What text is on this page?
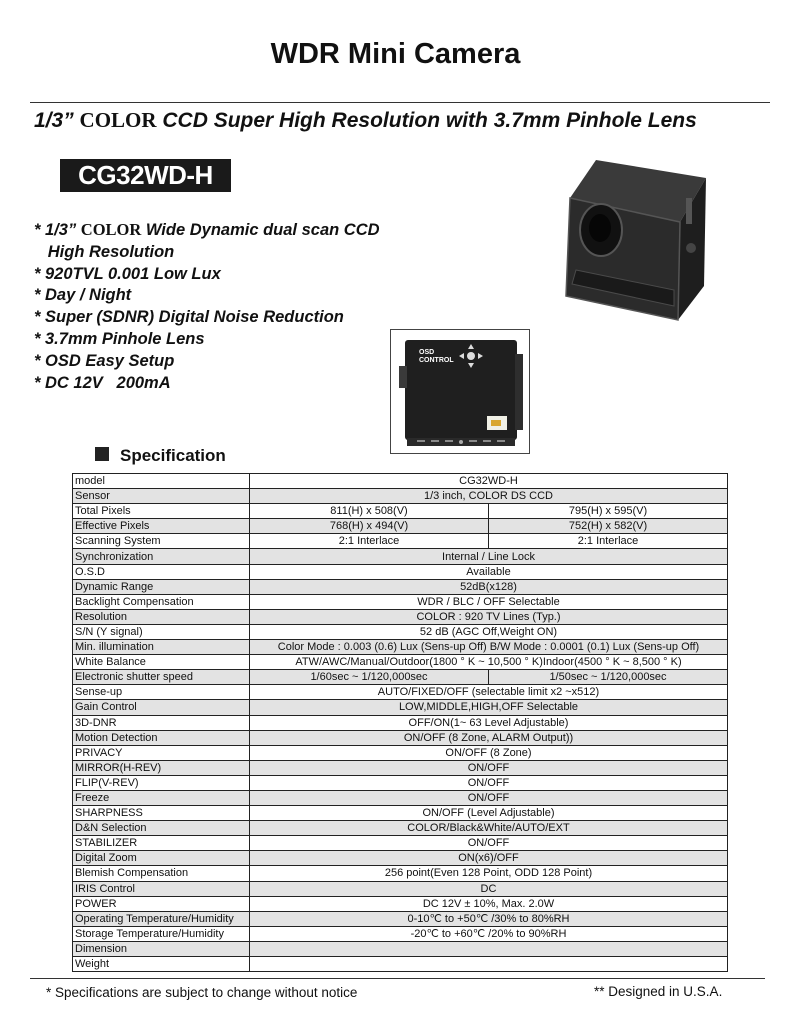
WDR Mini Camera
1/3” COLOR CCD Super High Resolution with 3.7mm Pinhole Lens
CG32WD-H
* 1/3” COLOR Wide Dynamic dual scan CCD
High Resolution
* 920TVL 0.001 Low Lux
* Day / Night
* Super (SDNR) Digital Noise Reduction
* 3.7mm Pinhole Lens
* OSD Easy Setup
* DC 12V   200mA
OSD
CONTROL
Specification
model	CG32WD-H	
Sensor	1/3 inch, COLOR DS CCD	
Total Pixels	811(H) x 508(V)	795(H) x 595(V)
Effective Pixels	768(H) x 494(V)	752(H) x 582(V)
Scanning System	2:1 Interlace	2:1 Interlace
Synchronization	Internal / Line Lock	
O.S.D	Available	
Dynamic Range	52dB(x128)	
Backlight Compensation	WDR / BLC / OFF Selectable	
Resolution	COLOR : 920 TV Lines (Typ.)	
S/N (Y signal)	52 dB (AGC Off,Weight ON)	
Min. illumination	Color Mode : 0.003 (0.6) Lux (Sens-up Off) B/W Mode : 0.0001 (0.1) Lux (Sens-up Off)	
White Balance	ATW/AWC/Manual/Outdoor(1800 ° K ~ 10,500 ° K)Indoor(4500 ° K ~ 8,500 ° K)	
Electronic shutter speed	1/60sec ~ 1/120,000sec	1/50sec ~ 1/120,000sec
Sense-up	AUTO/FIXED/OFF (selectable limit x2 ~x512)	
Gain Control	LOW,MIDDLE,HIGH,OFF Selectable	
3D-DNR	OFF/ON(1~ 63 Level Adjustable)	
Motion Detection	ON/OFF (8 Zone, ALARM Output))	
PRIVACY	ON/OFF (8 Zone)	
MIRROR(H-REV)	ON/OFF	
FLIP(V-REV)	ON/OFF	
Freeze	ON/OFF	
SHARPNESS	ON/OFF (Level Adjustable)	
D&N Selection	COLOR/Black&White/AUTO/EXT	
STABILIZER	ON/OFF	
Digital Zoom	ON(x6)/OFF	
Blemish Compensation	256 point(Even 128 Point, ODD 128 Point)	
IRIS Control	DC	
POWER	DC 12V ± 10%, Max. 2.0W	
Operating Temperature/Humidity	0-10℃ to +50℃ /30% to 80%RH	
Storage Temperature/Humidity	-20℃ to +60℃ /20% to 90%RH	
Dimension		
Weight		
* Specifications are subject to change without notice	** Designed in U.S.A.
